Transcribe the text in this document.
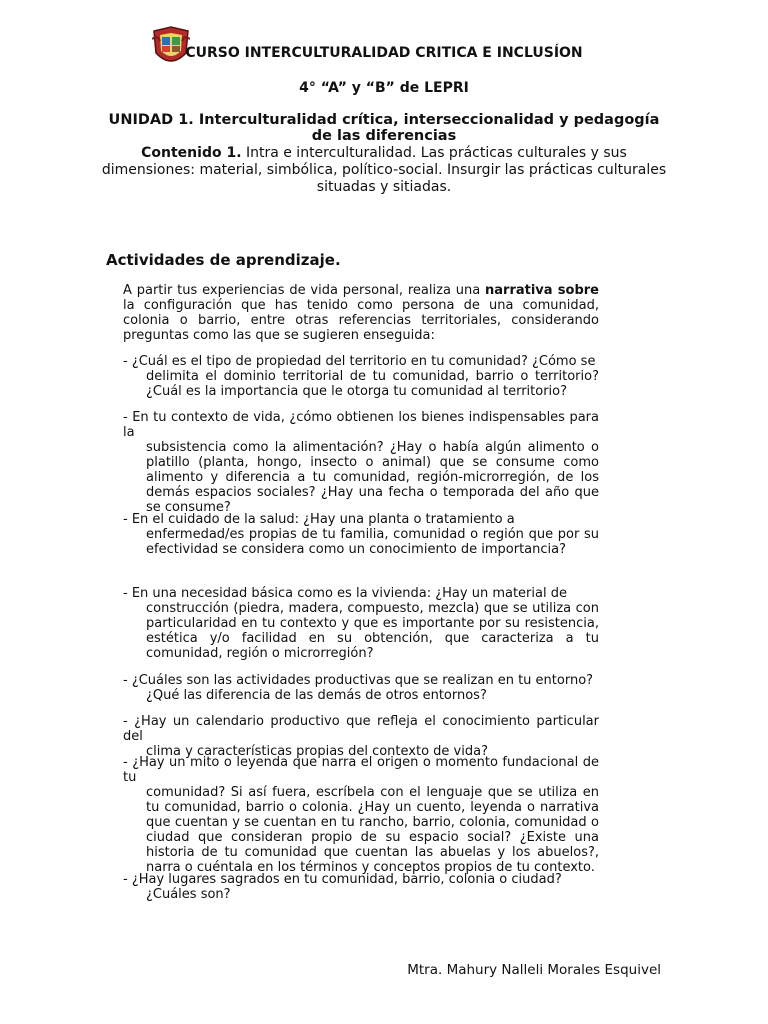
CURSO INTERCULTURALIDAD CRITICA E INCLUSÍON
4° “A” y “B” de LEPRI
UNIDAD 1. Interculturalidad crítica, interseccionalidad y pedagogía de las diferencias
Contenido 1. Intra e interculturalidad. Las prácticas culturales y sus dimensiones: material, simbólica, político-social. Insurgir las prácticas culturales situadas y sitiadas.
Actividades de aprendizaje.
A partir tus experiencias de vida personal, realiza una narrativa sobre la configuración que has tenido como persona de una comunidad, colonia o barrio, entre otras referencias territoriales, considerando preguntas como las que se sugieren enseguida:
- ¿Cuál es el tipo de propiedad del territorio en tu comunidad? ¿Cómo se
delimita el dominio territorial de tu comunidad, barrio o territorio? ¿Cuál es la importancia que le otorga tu comunidad al territorio?
- En tu contexto de vida, ¿cómo obtienen los bienes indispensables para la
subsistencia como la alimentación? ¿Hay o había algún alimento o platillo (planta, hongo, insecto o animal) que se consume como alimento y diferencia a tu comunidad, región-microrregión, de los demás espacios sociales? ¿Hay una fecha o temporada del año que se consume?
- En el cuidado de la salud: ¿Hay una planta o tratamiento a
enfermedad/es propias de tu familia, comunidad o región que por su efectividad se considera como un conocimiento de importancia?
- En una necesidad básica como es la vivienda: ¿Hay un material de
construcción (piedra, madera, compuesto, mezcla) que se utiliza con particularidad en tu contexto y que es importante por su resistencia, estética y/o facilidad en su obtención, que caracteriza a tu comunidad, región o microrregión?
- ¿Cuáles son las actividades productivas que se realizan en tu entorno?
¿Qué las diferencia de las demás de otros entornos?
- ¿Hay un calendario productivo que refleja el conocimiento particular del
clima y características propias del contexto de vida?
- ¿Hay un mito o leyenda que narra el origen o momento fundacional de tu
comunidad? Si así fuera, escríbela con el lenguaje que se utiliza en tu comunidad, barrio o colonia. ¿Hay un cuento, leyenda o narrativa que cuentan y se cuentan en tu rancho, barrio, colonia, comunidad o ciudad que consideran propio de su espacio social? ¿Existe una historia de tu comunidad que cuentan las abuelas y los abuelos?, narra o cuéntala en los términos y conceptos propios de tu contexto.
- ¿Hay lugares sagrados en tu comunidad, barrio, colonia o ciudad?
¿Cuáles son?
Mtra. Mahury Nalleli Morales Esquivel
